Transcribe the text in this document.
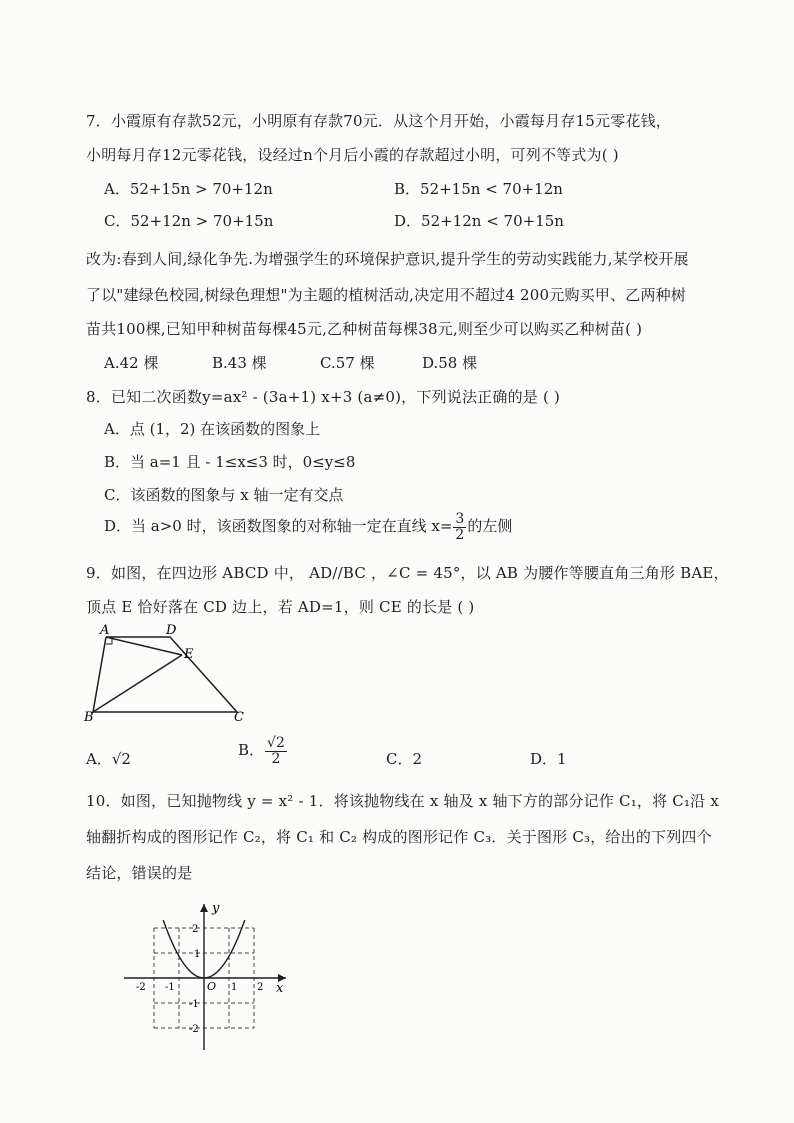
7．小霞原有存款52元，小明原有存款70元．从这个月开始，小霞每月存15元零花钱，
小明每月存12元零花钱，设经过n个月后小霞的存款超过小明，可列不等式为( )
A．52+15n > 70+12n	B．52+15n < 70+12n
C．52+12n > 70+15n	D．52+12n < 70+15n
改为:春到人间,绿化争先.为增强学生的环境保护意识,提升学生的劳动实践能力,某学校开展
了以"建绿色校园,树绿色理想"为主题的植树活动,决定用不超过4 200元购买甲、乙两种树
苗共100棵,已知甲种树苗每棵45元,乙种树苗每棵38元,则至少可以购买乙种树苗( )
A.42 棵	B.43 棵	C.57 棵	D.58 棵
8．已知二次函数y=ax² - (3a+1) x+3 (a≠0)，下列说法正确的是 ( )
A．点 (1，2) 在该函数的图象上
B．当 a=1 且 - 1≤x≤3 时，0≤y≤8
C．该函数的图象与 x 轴一定有交点
D．当 a>0 时，该函数图象的对称轴一定在直线 $x= \frac{3}{2}$ 的左侧
9．如图，在四边形 ABCD 中， AD//BC ，∠C = 45°，以 AB 为腰作等腰直角三角形 BAE，
顶点 E 恰好落在 CD 边上，若 AD=1，则 CE 的长是 ( )
A	D
E
B	C
A．√2	B． $\frac{√2}{2}$	C．2	D．1
10．如图，已知抛物线 y = x² - 1．将该抛物线在 x 轴及 x 轴下方的部分记作 C₁，将 C₁沿 x
轴翻折构成的图形记作 C₂，将 C₁ 和 C₂ 构成的图形记作 C₃．关于图形 C₃，给出的下列四个
结论，错误的是
y
x
O
-2 -1	1 2
2
1
-1
-2
